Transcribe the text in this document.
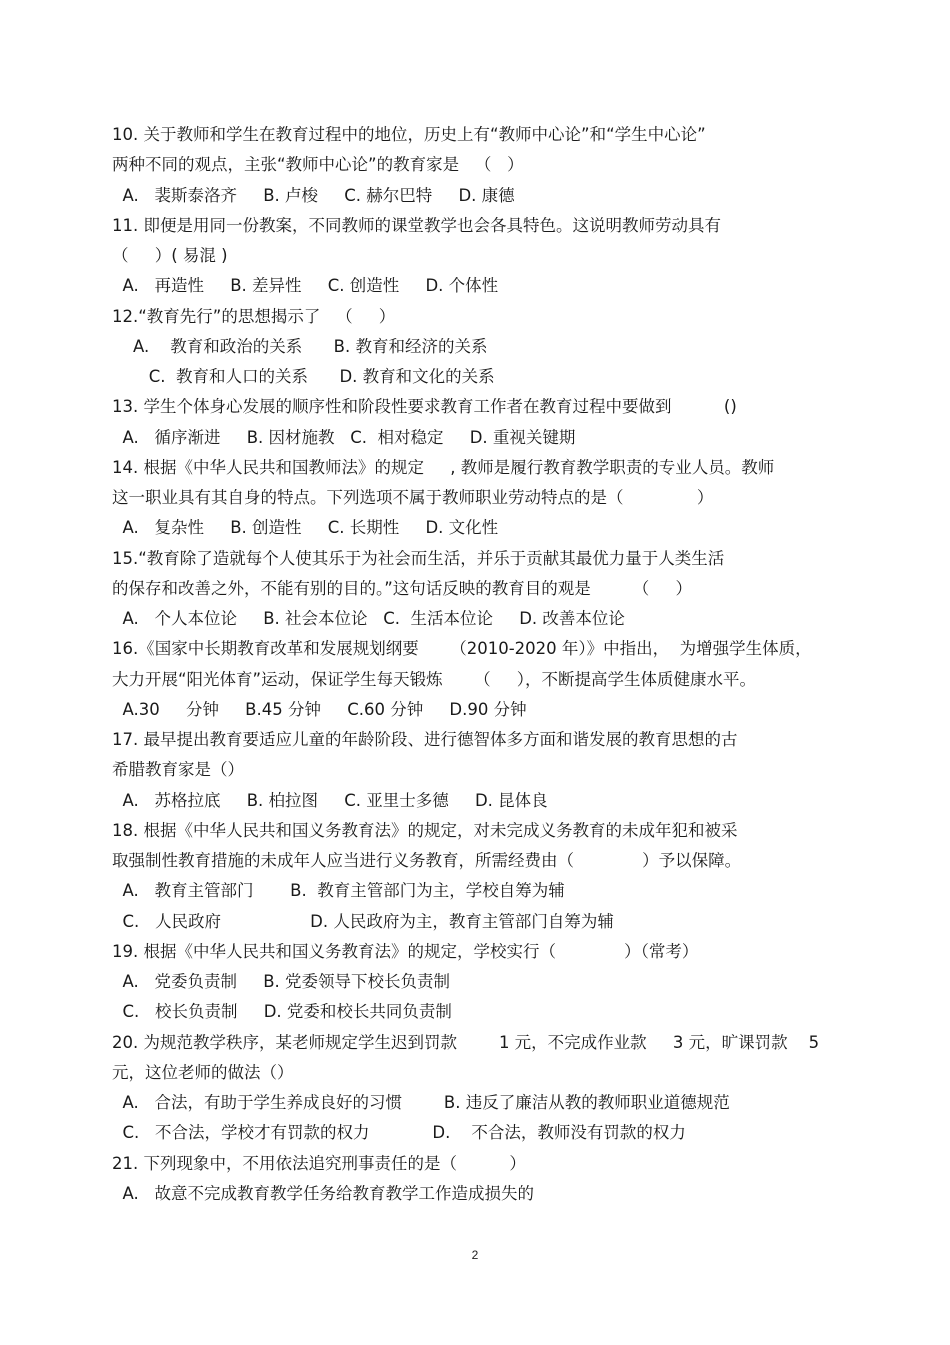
10. 关于教师和学生在教育过程中的地位，历史上有“教师中心论”和“学生中心论”
两种不同的观点，主张“教师中心论”的教育家是   （   ）
A.   裴斯泰洛齐     B. 卢梭     C. 赫尔巴特     D. 康德
11. 即便是用同一份教案，不同教师的课堂教学也会各具特色。这说明教师劳动具有
（     ）( 易混 )
A.   再造性     B. 差异性     C. 创造性     D. 个体性
12.“教育先行”的思想揭示了   （     ）
A.    教育和政治的关系      B. 教育和经济的关系
C.  教育和人口的关系      D. 教育和文化的关系
13. 学生个体身心发展的顺序性和阶段性要求教育工作者在教育过程中要做到          ()
A.   循序渐进     B. 因材施教   C.  相对稳定     D. 重视关键期
14. 根据《中华人民共和国教师法》的规定     , 教师是履行教育教学职责的专业人员。教师
这一职业具有其自身的特点。下列选项不属于教师职业劳动特点的是（              ）
A.   复杂性     B. 创造性     C. 长期性     D. 文化性
15.“教育除了造就每个人使其乐于为社会而生活，并乐于贡献其最优力量于人类生活
的保存和改善之外，不能有别的目的。”这句话反映的教育目的观是        （     ）
A.   个人本位论     B. 社会本位论   C.  生活本位论     D. 改善本位论
16.《国家中长期教育改革和发展规划纲要      （2010-2020 年）》中指出，  为增强学生体质，
大力开展“阳光体育”运动，保证学生每天锻炼      （     ），不断提高学生体质健康水平。
A.30     分钟     B.45 分钟     C.60 分钟     D.90 分钟
17. 最早提出教育要适应儿童的年龄阶段、进行德智体多方面和谐发展的教育思想的古
希腊教育家是（）
A.   苏格拉底     B. 柏拉图     C. 亚里士多德     D. 昆体良
18. 根据《中华人民共和国义务教育法》的规定，对未完成义务教育的未成年犯和被采
取强制性教育措施的未成年人应当进行义务教育，所需经费由（             ）予以保障。
A.   教育主管部门       B.  教育主管部门为主，学校自筹为辅
C.   人民政府                 D. 人民政府为主，教育主管部门自筹为辅
19. 根据《中华人民共和国义务教育法》的规定，学校实行（             ）（常考）
A.   党委负责制     B. 党委领导下校长负责制
C.   校长负责制     D. 党委和校长共同负责制
20. 为规范教学秩序，某老师规定学生迟到罚款        1 元，不完成作业款     3 元，旷课罚款    5
元，这位老师的做法（）
A.   合法，有助于学生养成良好的习惯        B. 违反了廉洁从教的教师职业道德规范
C.   不合法，学校才有罚款的权力            D.    不合法，教师没有罚款的权力
21. 下列现象中，不用依法追究刑事责任的是（          ）
A.   故意不完成教育教学任务给教育教学工作造成损失的
2
